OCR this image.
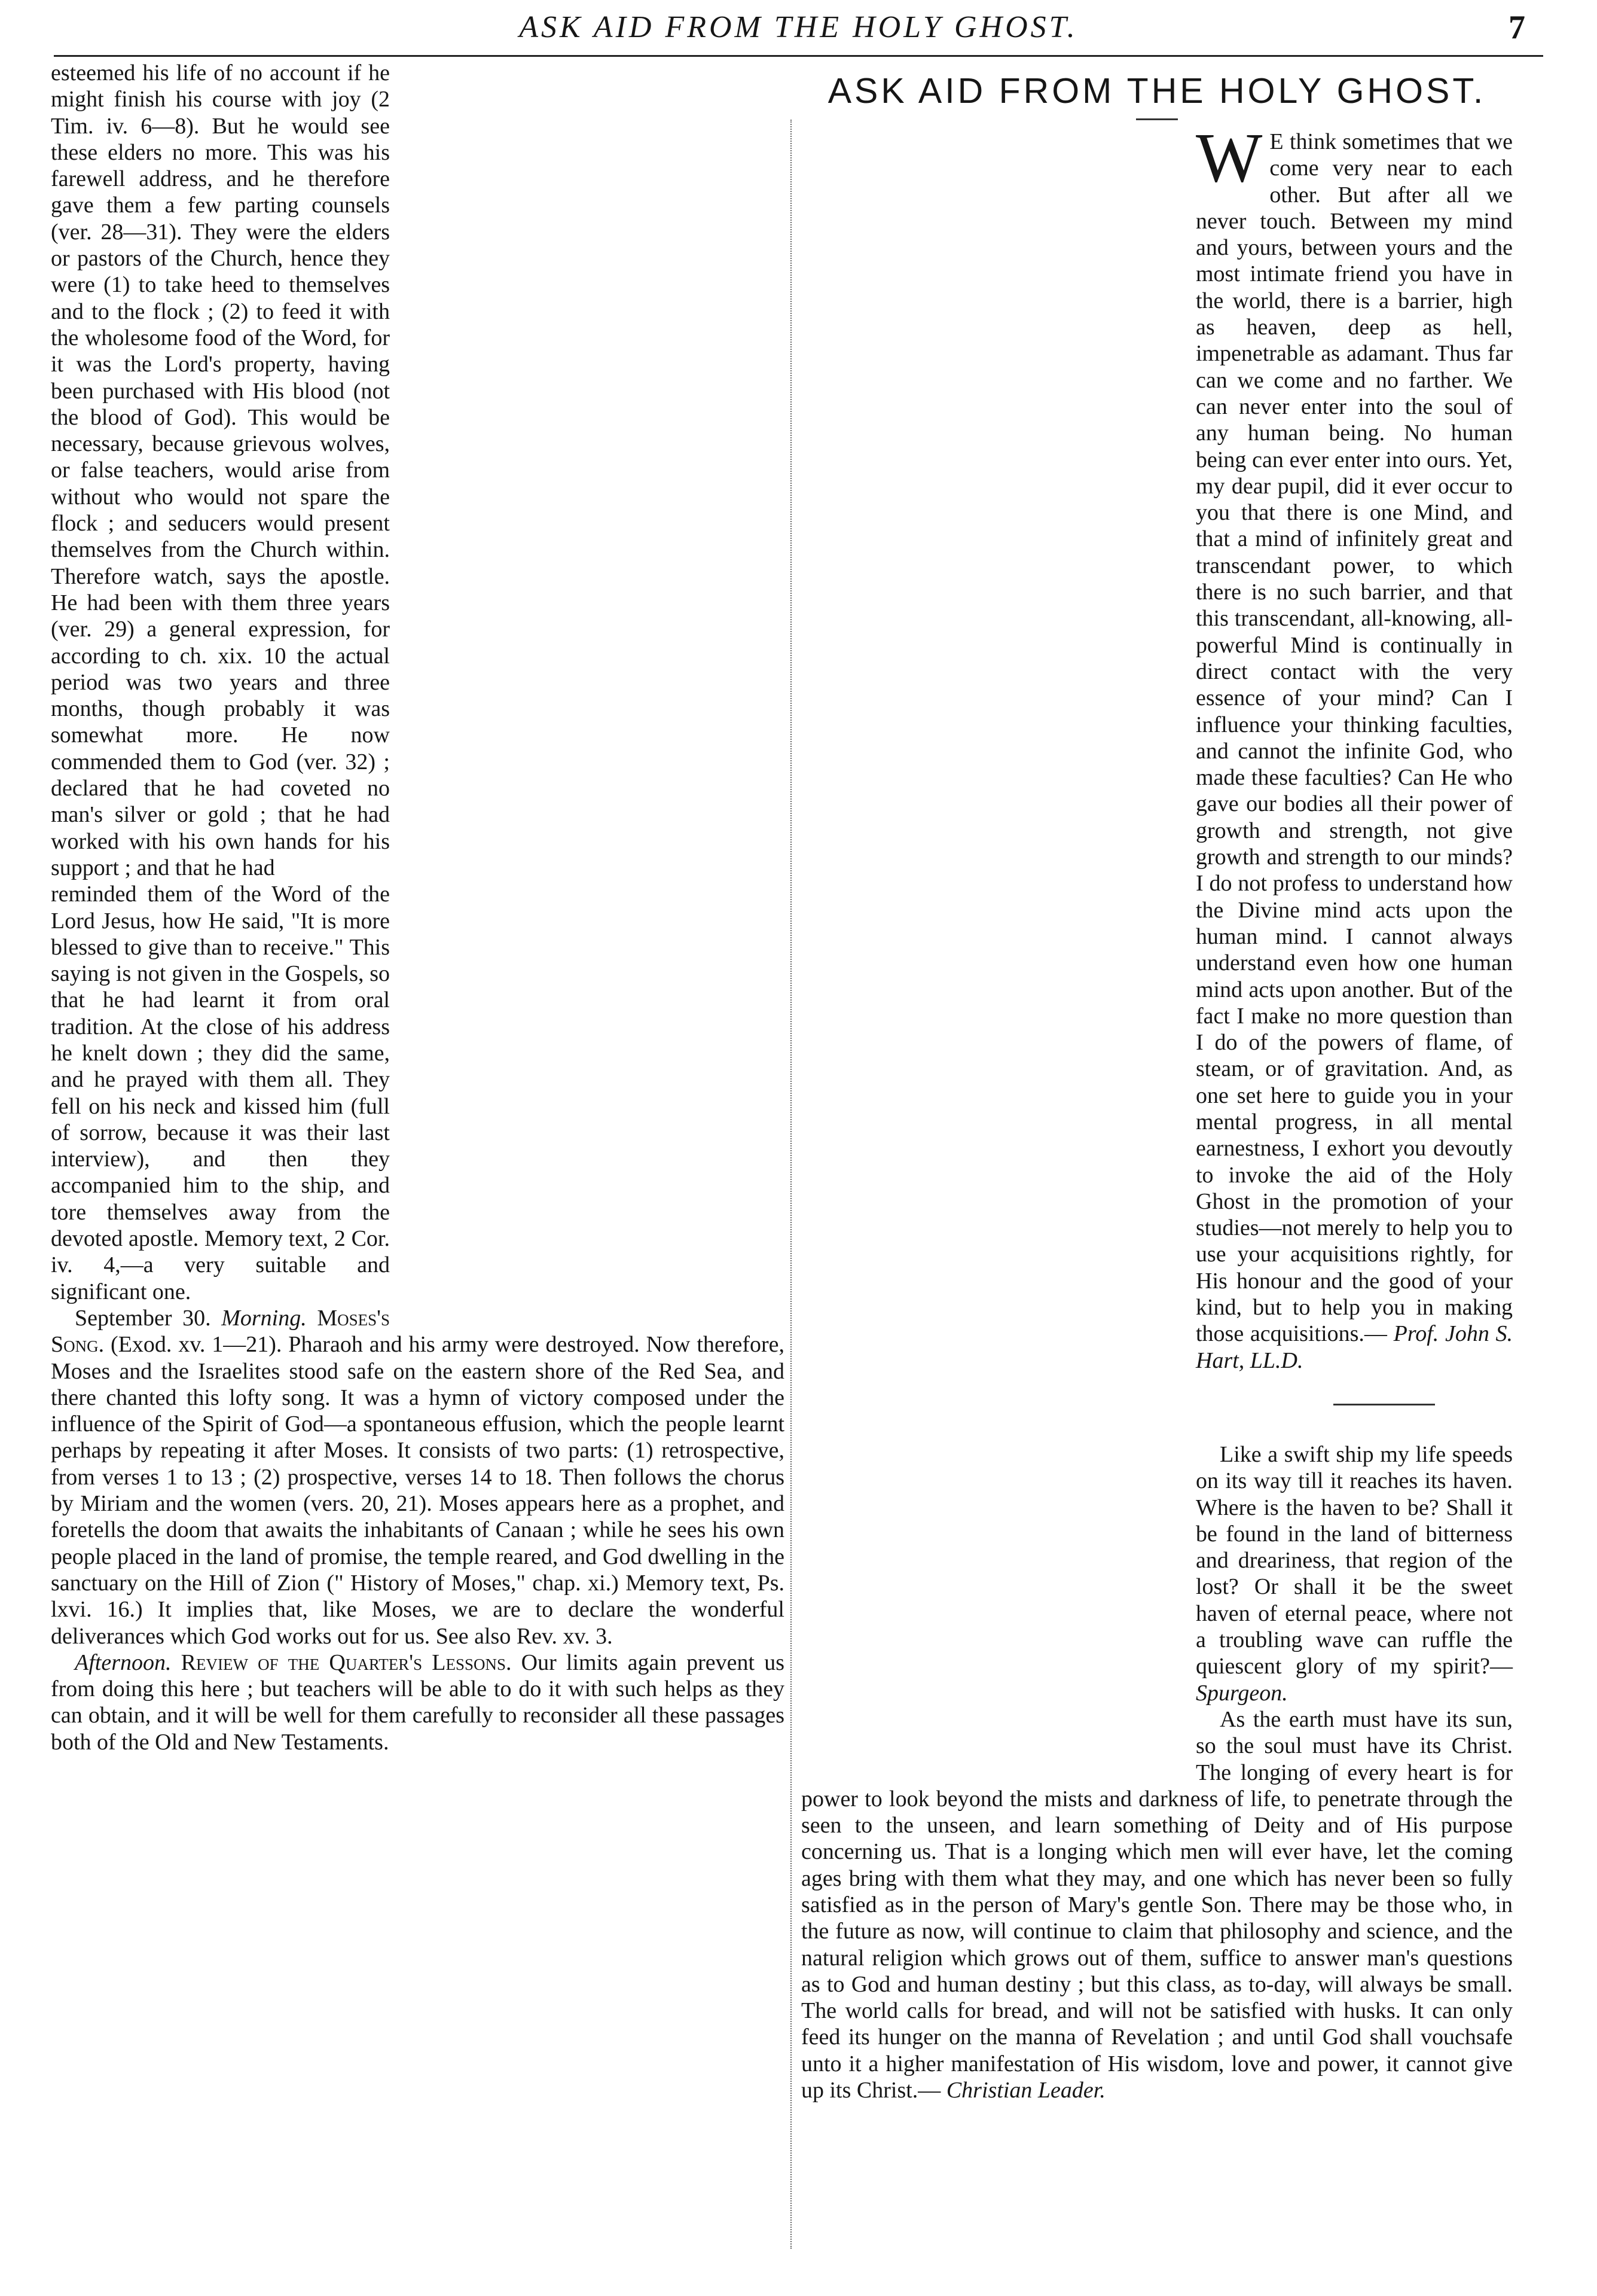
ASK AID FROM THE HOLY GHOST.	7

esteemed his life of no account if he might finish his course with joy (2 Tim. iv. 6—8). But he would see these elders no more. This was his farewell address, and he therefore gave them a few parting counsels (ver. 28—31). They were the elders or pastors of the Church, hence they were (1) to take heed to themselves and to the flock ; (2) to feed it with the wholesome food of the Word, for it was the Lord's property, having been purchased with His blood (not the blood of God). This would be necessary, because grievous wolves, or false teachers, would arise from without who would not spare the flock ; and seducers would present themselves from the Church within. Therefore watch, says the apostle. He had been with them three years (ver. 29) a general expression, for according to ch. xix. 10 the actual period was two years and three months, though probably it was somewhat more. He now commended them to God (ver. 32) ; declared that he had coveted no man's silver or gold ; that he had worked with his own hands for his support ; and that he had

reminded them of the Word of the Lord Jesus, how He said, "It is more blessed to give than to receive." This saying is not given in the Gospels, so that he had learnt it from oral tradition. At the close of his address he knelt down ; they did the same, and he prayed with them all. They fell on his neck and kissed him (full of sorrow, because it was their last interview), and then they accompanied him to the ship, and tore themselves away from the devoted apostle. Memory text, 2 Cor. iv. 4,—a very suitable and significant one.

September 30. Morning. Moses's Song. (Exod. xv. 1—21). Pharaoh and his army were destroyed. Now therefore, Moses and the Israelites stood safe on the eastern shore of the Red Sea, and there chanted this lofty song. It was a hymn of victory composed under the influence of the Spirit of God—a spontaneous effusion, which the people learnt perhaps by repeating it after Moses. It consists of two parts: (1) retrospective, from verses 1 to 13 ; (2) prospective, verses 14 to 18. Then follows the chorus by Miriam and the women (vers. 20, 21). Moses appears here as a prophet, and foretells the doom that awaits the inhabitants of Canaan ; while he sees his own people placed in the land of promise, the temple reared, and God dwelling in the sanctuary on the Hill of Zion (" History of Moses," chap. xi.) Memory text, Ps. lxvi. 16.) It implies that, like Moses, we are to declare the wonderful deliverances which God works out for us. See also Rev. xv. 3.

Afternoon. Review of the Quarter's Lessons. Our limits again prevent us from doing this here ; but teachers will be able to do it with such helps as they can obtain, and it will be well for them carefully to reconsider all these passages both of the Old and New Testaments.

ASK AID FROM THE HOLY GHOST.

W E think sometimes that we come very near to each other. But after all we never touch. Between my mind and yours, between yours and the most intimate friend you have in the world, there is a barrier, high as heaven, deep as hell, impenetrable as adamant. Thus far can we come and no farther. We can never enter into the soul of any human being. No human being can ever enter into ours. Yet, my dear pupil, did it ever occur to you that there is one Mind, and that a mind of infinitely great and transcendant power, to which there is no such barrier, and that this transcendant, all-knowing, all-powerful Mind is continually in direct contact with the very essence of your mind? Can I influence your thinking faculties, and cannot the infinite God, who made these faculties? Can He who gave our bodies all their power of growth and strength, not give growth and strength to our minds? I do not profess to understand how the Divine mind acts upon the human mind. I cannot always understand even how one human mind acts upon another. But of the fact I make no more question than I do of the powers of flame, of steam, or of gravitation. And, as one set here to guide you in your mental progress, in all mental earnestness, I exhort you devoutly to invoke the aid of the Holy Ghost in the promotion of your studies—not merely to help you to use your acquisitions rightly, for His honour and the good of your kind, but to help you in making those acquisitions.— Prof. John S. Hart, LL.D.

Like a swift ship my life speeds on its way till it reaches its haven. Where is the haven to be? Shall it be found in the land of bitterness and dreariness, that region of the lost? Or shall it be the sweet haven of eternal peace, where not a troubling wave can ruffle the quiescent glory of my spirit?— Spurgeon.

As the earth must have its sun, so the soul must have its Christ. The longing of every heart is for power to look beyond the mists and darkness of life, to penetrate through the seen to the unseen, and learn something of Deity and of His purpose concerning us. That is a longing which men will ever have, let the coming ages bring with them what they may, and one which has never been so fully satisfied as in the person of Mary's gentle Son. There may be those who, in the future as now, will continue to claim that philosophy and science, and the natural religion which grows out of them, suffice to answer man's questions as to God and human destiny ; but this class, as to-day, will always be small. The world calls for bread, and will not be satisfied with husks. It can only feed its hunger on the manna of Revelation ; and until God shall vouchsafe unto it a higher manifestation of His wisdom, love and power, it cannot give up its Christ.— Christian Leader.
